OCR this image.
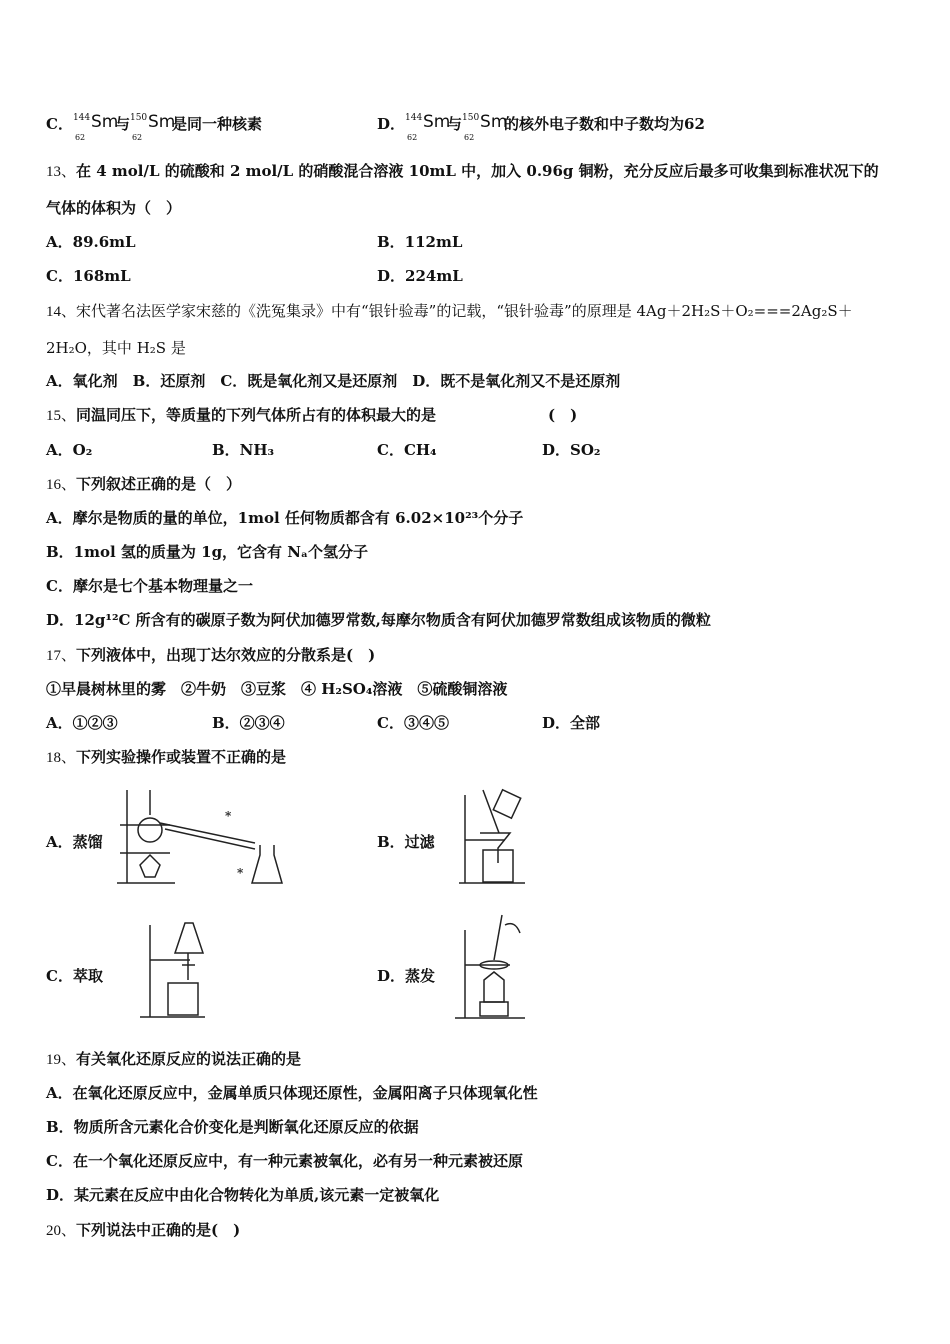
C． 144
62
Sm
与 150
62
Sm
是同一种核素	D． 144
62
Sm
与 150
62
Sm
的核外电子数和中子数均为62
13、在 4 mol/L 的硫酸和 2 mol/L 的硝酸混合溶液 10mL 中，加入 0.96g 铜粉，充分反应后最多可收集到标准状况下的
气体的体积为（　）
A．89.6mL	B．112mL
C．168mL	D．224mL
14、宋代著名法医学家宋慈的《洗冤集录》中有“银针验毒”的记载，“银针验毒”的原理是 4Ag＋2H₂S＋O₂===2Ag₂S＋
2H₂O，其中 H₂S 是
A．氧化剂　B．还原剂　C．既是氧化剂又是还原剂　D．既不是氧化剂又不是还原剂
15、同温同压下，等质量的下列气体所占有的体积最大的是	(　)
A．O₂	B．NH₃	C．CH₄	D．SO₂
16、下列叙述正确的是（　）
A．摩尔是物质的量的单位，1mol 任何物质都含有 6.02×10²³个分子
B．1mol 氢的质量为 1g，它含有 Nₐ个氢分子
C．摩尔是七个基本物理量之一
D．12g¹²C 所含有的碳原子数为阿伏加德罗常数,每摩尔物质含有阿伏加德罗常数组成该物质的微粒
17、下列液体中，出现丁达尔效应的分散系是(　)
①早晨树林里的雾　②牛奶　③豆浆　④ H₂SO₄溶液　⑤硫酸铜溶液
A．①②③	B．②③④	C．③④⑤	D．全部
18、下列实验操作或装置不正确的是
A．蒸馏	B．过滤
C．萃取	D．蒸发
*
*
19、有关氧化还原反应的说法正确的是
A．在氧化还原反应中，金属单质只体现还原性，金属阳离子只体现氧化性
B．物质所含元素化合价变化是判断氧化还原反应的依据
C．在一个氧化还原反应中，有一种元素被氧化，必有另一种元素被还原
D．某元素在反应中由化合物转化为单质,该元素一定被氧化
20、下列说法中正确的是(　)
